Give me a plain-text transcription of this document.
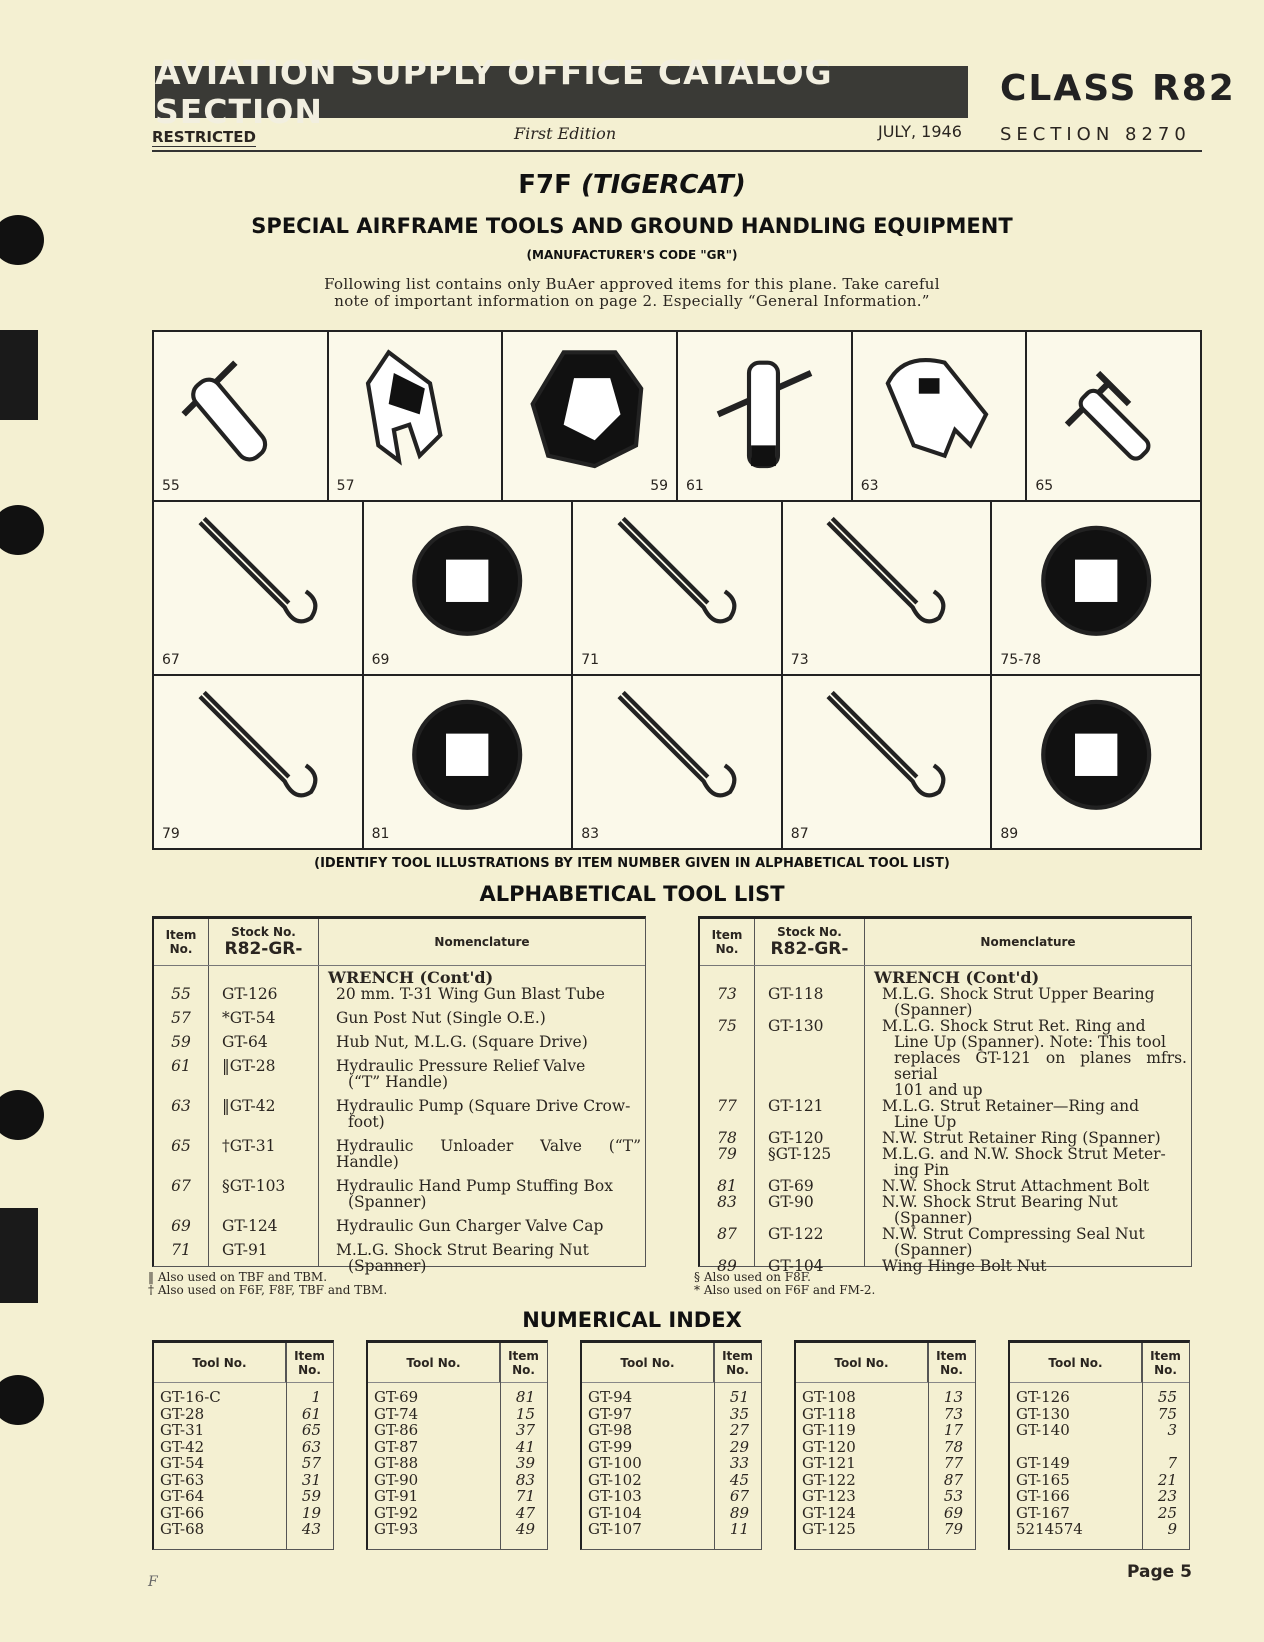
AVIATION SUPPLY OFFICE CATALOG SECTION
CLASS R82
RESTRICTED	First Edition	JULY, 1946 SECTION 8270
F7F (TIGERCAT)
SPECIAL AIRFRAME TOOLS AND GROUND HANDLING EQUIPMENT
(MANUFACTURER'S CODE "GR")
Following list contains only BuAer approved items for this plane. Take careful
note of important information on page 2. Especially “General Information.”
55	57	59 61	63	65
67	69	71	73	75-78
79	81	83	87	89
(IDENTIFY TOOL ILLUSTRATIONS BY ITEM NUMBER GIVEN IN ALPHABETICAL TOOL LIST)
ALPHABETICAL TOOL LIST
Item
No.
Stock No.
R82-GR-	Nomenclature
WRENCH (Cont'd)
55	GT-126	20 mm. T-31 Wing Gun Blast Tube
57	*GT-54	Gun Post Nut (Single O.E.)
59	GT-64	Hub Nut, M.L.G. (Square Drive)
61	‖GT-28	Hydraulic Pressure Relief Valve
(“T” Handle)
63	‖GT-42	Hydraulic Pump (Square Drive Crow-
foot)
65	†GT-31	Hydraulic Unloader Valve (“T” Handle)
67	§GT-103	Hydraulic Hand Pump Stuffing Box
(Spanner)
69	GT-124	Hydraulic Gun Charger Valve Cap
71	GT-91	M.L.G. Shock Strut Bearing Nut
(Spanner)
Item
No.
Stock No.
R82-GR-	Nomenclature
WRENCH (Cont'd)
73	GT-118	M.L.G. Shock Strut Upper Bearing
(Spanner)
75	GT-130	M.L.G. Shock Strut Ret. Ring and
Line Up (Spanner). Note: This tool
replaces GT-121 on planes mfrs. serial
101 and up
77	GT-121	M.L.G. Strut Retainer—Ring and
Line Up
78	GT-120	N.W. Strut Retainer Ring (Spanner)
79	§GT-125	M.L.G. and N.W. Shock Strut Meter-
ing Pin
81	GT-69	N.W. Shock Strut Attachment Bolt
83	GT-90	N.W. Shock Strut Bearing Nut
(Spanner)
87	GT-122	N.W. Strut Compressing Seal Nut
(Spanner)
89	GT-104	Wing Hinge Bolt Nut
‖ Also used on TBF and TBM.
† Also used on F6F, F8F, TBF and TBM.
§ Also used on F8F.
* Also used on F6F and FM-2.
NUMERICAL INDEX
Tool No.	Item
No.
GT-16-C	1
GT-28	61
GT-31	65
GT-42	63
GT-54	57
GT-63	31
GT-64	59
GT-66	19
GT-68	43
Tool No.	Item
No.
GT-69	81
GT-74	15
GT-86	37
GT-87	41
GT-88	39
GT-90	83
GT-91	71
GT-92	47
GT-93	49
Tool No.	Item
No.
GT-94	51
GT-97	35
GT-98	27
GT-99	29
GT-100	33
GT-102	45
GT-103	67
GT-104	89
GT-107	11
Tool No.	Item
No.
GT-108	13
GT-118	73
GT-119	17
GT-120	78
GT-121	77
GT-122	87
GT-123	53
GT-124	69
GT-125	79
Tool No.	Item
No.
GT-126	55
GT-130	75
GT-140	3
GT-149	7
GT-165	21
GT-166	23
GT-167	25
5214574	9
Page 5
F
